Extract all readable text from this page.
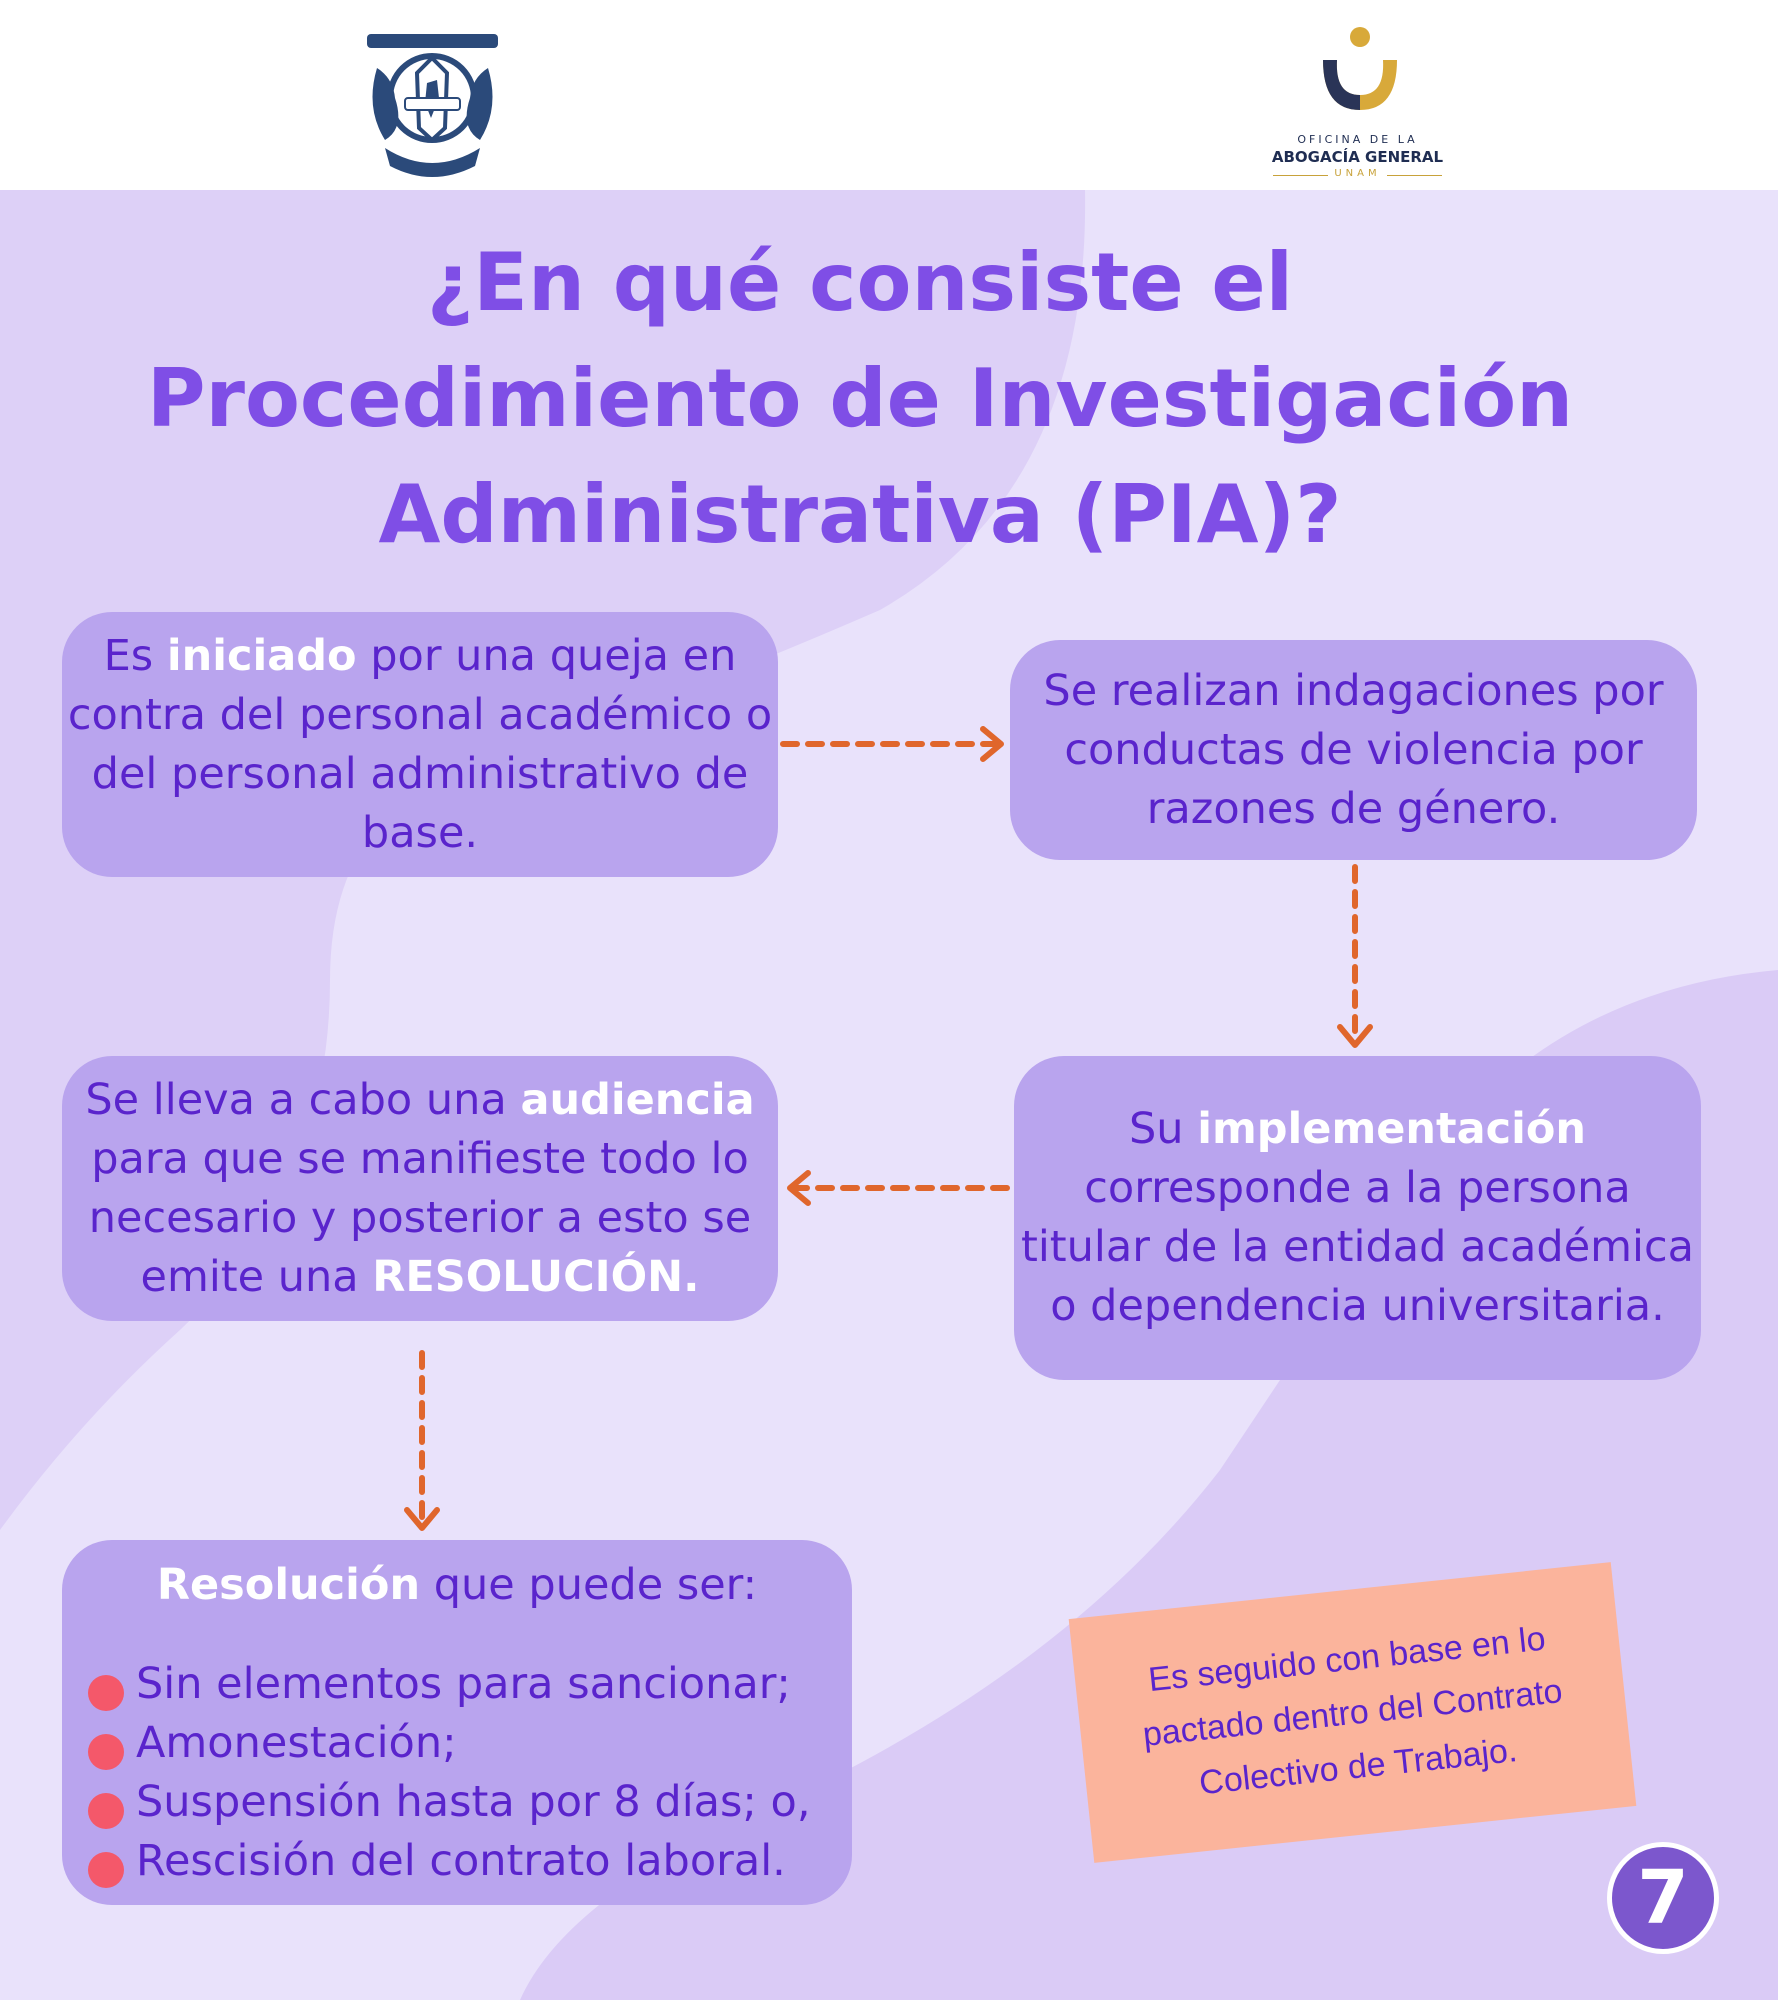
OFICINA DE LA
ABOGACÍA GENERAL
UNAM
¿En qué consiste el
Procedimiento de Investigación
Administrativa (PIA)?
Es iniciado por una queja en contra del personal académico o del personal administrativo de base.
Se realizan indagaciones por conductas de violencia por razones de género.
Su implementación corresponde a la persona titular de la entidad académica o dependencia universitaria.
Se lleva a cabo una audiencia para que se manifieste todo lo necesario y posterior a esto se emite una RESOLUCIÓN.
Resolución que puede ser:
Sin elementos para sancionar;
Amonestación;
Suspensión hasta por 8 días; o,
Rescisión del contrato laboral.
Es seguido con base en lo pactado dentro del Contrato Colectivo de Trabajo.
7
